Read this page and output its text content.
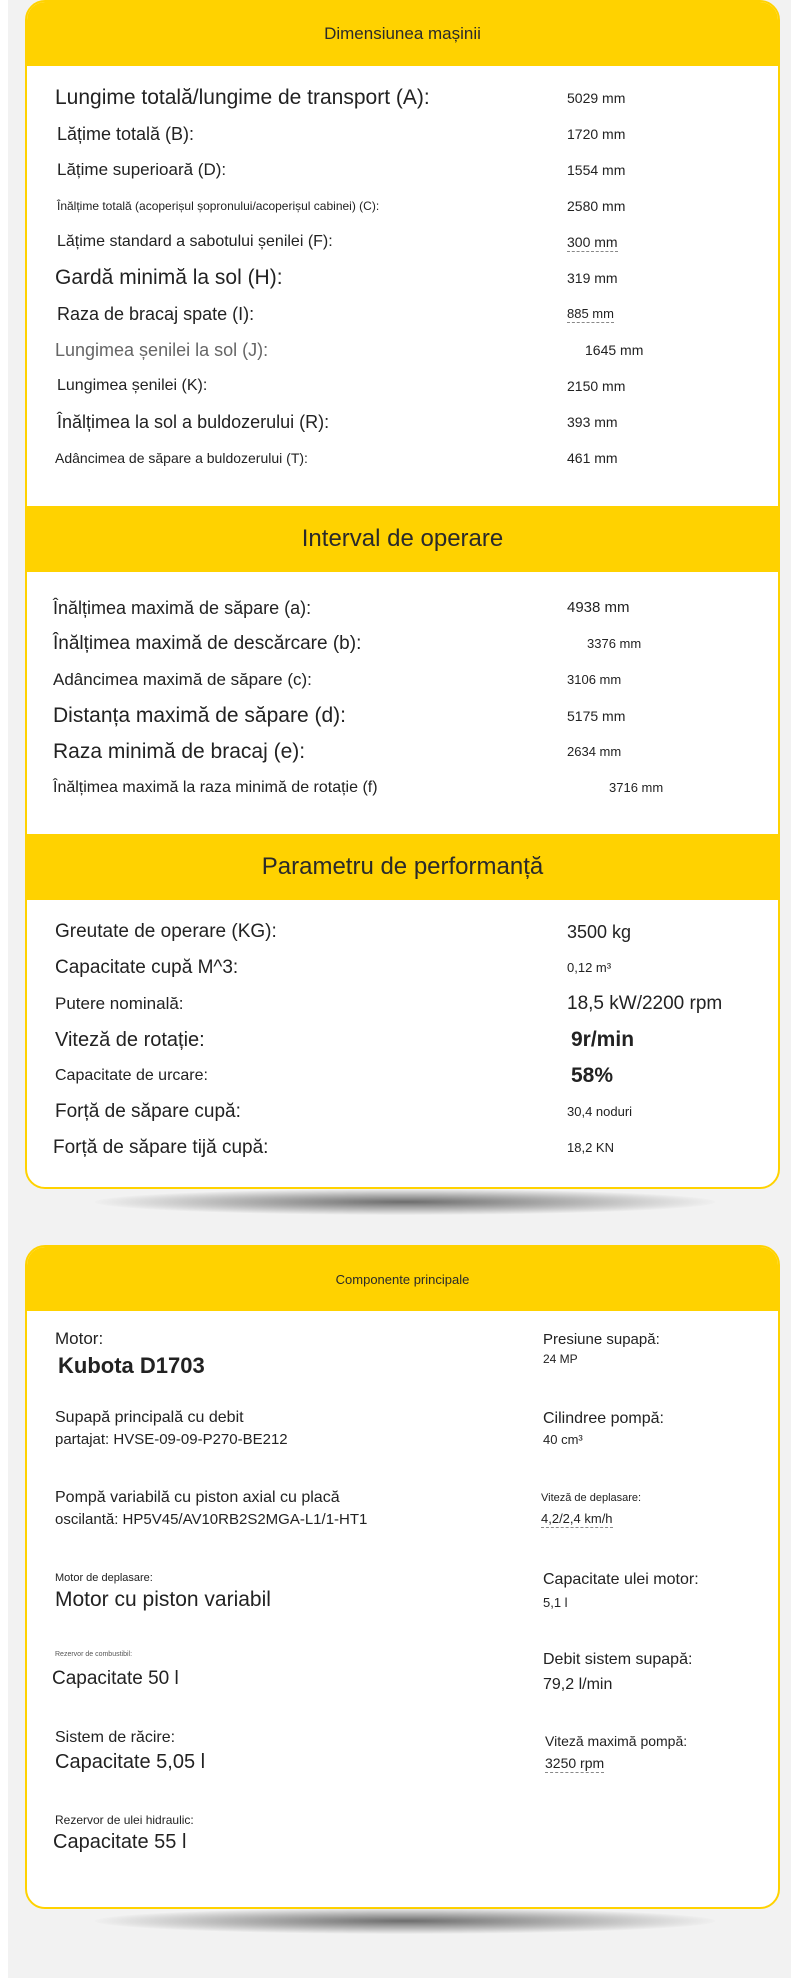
Dimensiunea mașinii
Lungime totală/lungime de transport (A):	5029 mm
Lățime totală (B):	1720 mm
Lățime superioară (D):	1554 mm
Înălțime totală (acoperișul șopronului/acoperișul cabinei) (C):	2580 mm
Lățime standard a sabotului șenilei (F):	300 mm
Gardă minimă la sol (H):	319 mm
Raza de bracaj spate (I):	885 mm
Lungimea șenilei la sol (J):	1645 mm
Lungimea șenilei (K):	2150 mm
Înălțimea la sol a buldozerului (R):	393 mm
Adâncimea de săpare a buldozerului (T):	461 mm
Interval de operare
Înălțimea maximă de săpare (a):	4938 mm
Înălțimea maximă de descărcare (b):	3376 mm
Adâncimea maximă de săpare (c):	3106 mm
Distanța maximă de săpare (d):	5175 mm
Raza minimă de bracaj (e):	2634 mm
Înălțimea maximă la raza minimă de rotație (f)	3716 mm
Parametru de performanță
Greutate de operare (KG):	3500 kg
Capacitate cupă M^3:	0,12 m³
Putere nominală:	18,5 kW/2200 rpm
Viteză de rotație:	9r/min
Capacitate de urcare:	58%
Forță de săpare cupă:	30,4 noduri
Forță de săpare tijă cupă:	18,2 KN
Componente principale
Motor:
Kubota D1703
Supapă principală cu debit
partajat: HVSE-09-09-P270-BE212
Pompă variabilă cu piston axial cu placă
oscilantă: HP5V45/AV10RB2S2MGA-L1/1-HT1
Motor de deplasare:
Motor cu piston variabil
Rezervor de combustibil:
Capacitate 50 l
Sistem de răcire:
Capacitate 5,05 l
Rezervor de ulei hidraulic:
Capacitate 55 l
Presiune supapă:
24 MP
Cilindree pompă:
40 cm³
Viteză de deplasare:
4,2/2,4 km/h
Capacitate ulei motor:
5,1 l
Debit sistem supapă:
79,2 l/min
Viteză maximă pompă:
3250 rpm
